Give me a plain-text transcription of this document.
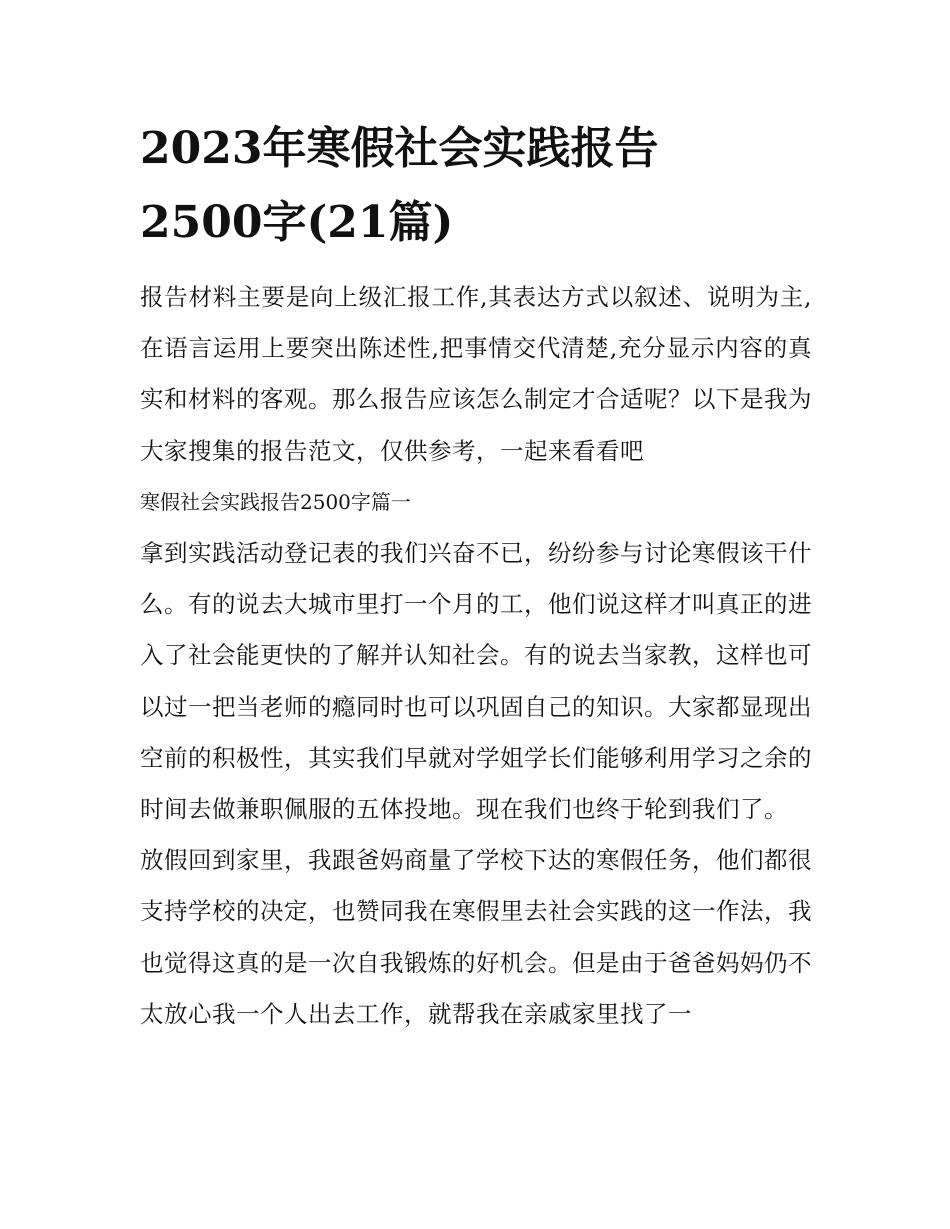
2023年寒假社会实践报告
2500字(21篇)

报告材料主要是向上级汇报工作,其表达方式以叙述、说明为主,在语言运用上要突出陈述性,把事情交代清楚,充分显示内容的真实和材料的客观。那么报告应该怎么制定才合适呢？以下是我为大家搜集的报告范文，仅供参考，一起来看看吧

寒假社会实践报告2500字篇一

拿到实践活动登记表的我们兴奋不已，纷纷参与讨论寒假该干什么。有的说去大城市里打一个月的工，他们说这样才叫真正的进入了社会能更快的了解并认知社会。有的说去当家教，这样也可以过一把当老师的瘾同时也可以巩固自己的知识。大家都显现出空前的积极性，其实我们早就对学姐学长们能够利用学习之余的时间去做兼职佩服的五体投地。现在我们也终于轮到我们了。

放假回到家里，我跟爸妈商量了学校下达的寒假任务，他们都很支持学校的决定，也赞同我在寒假里去社会实践的这一作法，我也觉得这真的是一次自我锻炼的好机会。但是由于爸爸妈妈仍不太放心我一个人出去工作，就帮我在亲戚家里找了一
